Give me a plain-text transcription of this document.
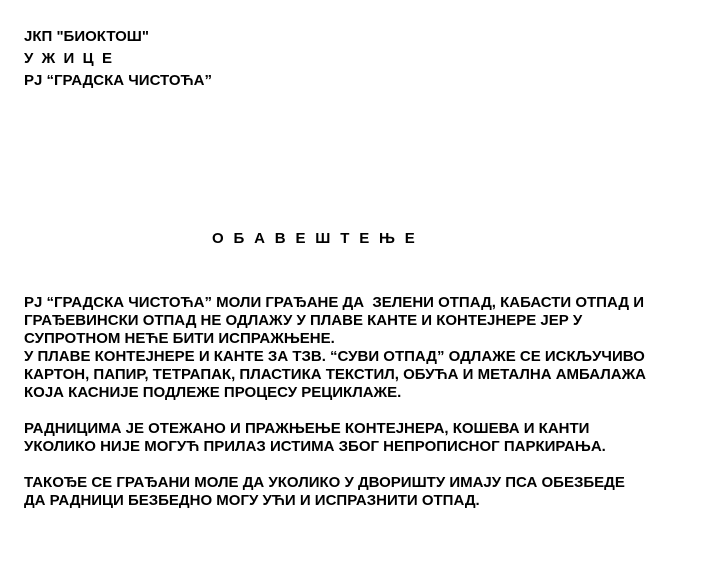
ЈКП "БИОКТОШ"
У  Ж  И  Ц  Е
РЈ “ГРАДСКА ЧИСТОЋА”
О  Б  А  В  Е  Ш  Т  Е  Њ  Е

РЈ “ГРАДСКА ЧИСТОЋА” МОЛИ ГРАЂАНЕ ДА  ЗЕЛЕНИ ОТПАД, КАБАСТИ ОТПАД И
ГРАЂЕВИНСКИ ОТПАД НЕ ОДЛАЖУ У ПЛАВЕ КАНТЕ И КОНТЕЈНЕРЕ ЈЕР У
СУПРОТНОМ НЕЋЕ БИТИ ИСПРАЖЊЕНЕ.

У ПЛАВЕ КОНТЕЈНЕРЕ И КАНТЕ ЗА ТЗВ. “СУВИ ОТПАД” ОДЛАЖЕ СЕ ИСКЉУЧИВО
КАРТОН, ПАПИР, ТЕТРАПАК, ПЛАСТИКА ТЕКСТИЛ, ОБУЋА И МЕТАЛНА АМБАЛАЖА
КОЈА КАСНИЈЕ ПОДЛЕЖЕ ПРОЦЕСУ РЕЦИКЛАЖЕ.

РАДНИЦИМА ЈЕ ОТЕЖАНО И ПРАЖЊЕЊЕ КОНТЕЈНЕРА, КОШЕВА И КАНТИ
УКОЛИКО НИЈЕ МОГУЋ ПРИЛАЗ ИСТИМА ЗБОГ НЕПРОПИСНОГ ПАРКИРАЊА.

ТАКОЂЕ СЕ ГРАЂАНИ МОЛЕ ДА УКОЛИКО У ДВОРИШТУ ИМАЈУ ПСА ОБЕЗБЕДЕ
ДА РАДНИЦИ БЕЗБЕДНО МОГУ УЋИ И ИСПРАЗНИТИ ОТПАД.
